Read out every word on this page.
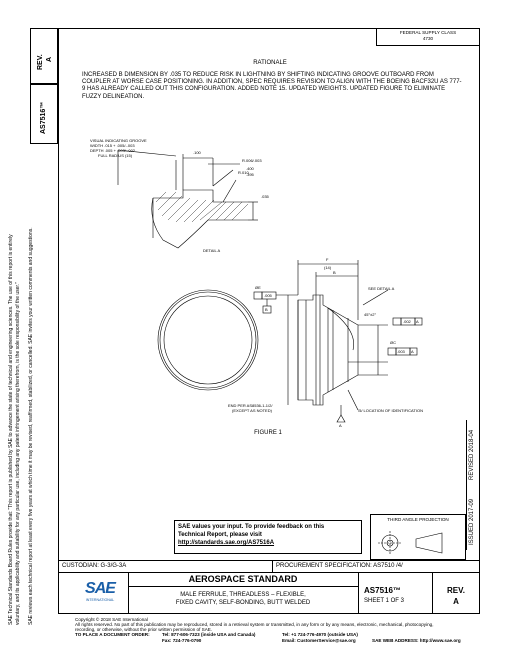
REV. A
AS7516™
SAE Technical Standards Board Rules provide that: “This report is published by SAE to advance the state of technical and engineering sciences. The use of this report is entirely voluntary, and its applicability and suitability for any particular use, including any patent infringement arising therefrom, is the sole responsibility of the user.” SAE reviews each technical report at least every five years at which time it may be revised, reaffirmed, stabilized, or cancelled. SAE invites your written comments and suggestions.	REVISED 2018-04
ISSUED 2017-09
FEDERAL SUPPLY CLASS
4730
RATIONALE
INCREASED B DIMENSION BY .035 TO REDUCE RISK IN LIGHTNING BY SHIFTING INDICATING GROOVE OUTBOARD FROM COUPLER AT WORSE CASE POSITIONING. IN ADDITION, SPEC REQUIRES REVISION TO ALIGN WITH THE BOEING BACF32U AS 777-9 HAS ALREADY CALLED OUT THIS CONFIGURATION. ADDED NOTE 15. UPDATED WEIGHTS. UPDATED FIGURE TO ELIMINATE FUZZY DELINEATION.
VISUAL INDICATING GROOVE
WIDTH .015 + .005/-.003
DEPTH .005 + .003/-.002
FULL RADIUS (15)
.100
R.006/.003
R.010
.400
.395
.035
DETAIL A
ØE
.005
B
F
(14)
B
SEE DETAIL A
45°±2°
.002 A
ØC
.003 A
A
END PER AS8536-1-1/2/
(EXCEPT AS NOTED)	/5/ LOCATION OF IDENTIFICATION
FIGURE 1
SAE values your input. To provide feedback on this
Technical Report, please visit
http://standards.sae.org/AS7516A
THIRD ANGLE PROJECTION
CUSTODIAN: G-3/G-3A	PROCUREMENT SPECIFICATION: AS7510 /4/
SAE
INTERNATIONAL
AEROSPACE STANDARD
MALE FERRULE, THREADLESS – FLEXIBLE,
FIXED CAVITY, SELF-BONDING, BUTT WELDED
AS7516™
SHEET 1 OF 3
REV.
A
Copyright © 2018 SAE International
All rights reserved. No part of this publication may be reproduced, stored in a retrieval system or transmitted, in any form or by any means, electronic, mechanical, photocopying,
recording, or otherwise, without the prior written permission of SAE.
TO PLACE A DOCUMENT ORDER:	Tel: 877-606-7323 (inside USA and Canada)	Tel: +1 724-776-4970 (outside USA)
Fax: 724-776-0790	Email: CustomerService@sae.org	SAE WEB ADDRESS: http://www.sae.org
